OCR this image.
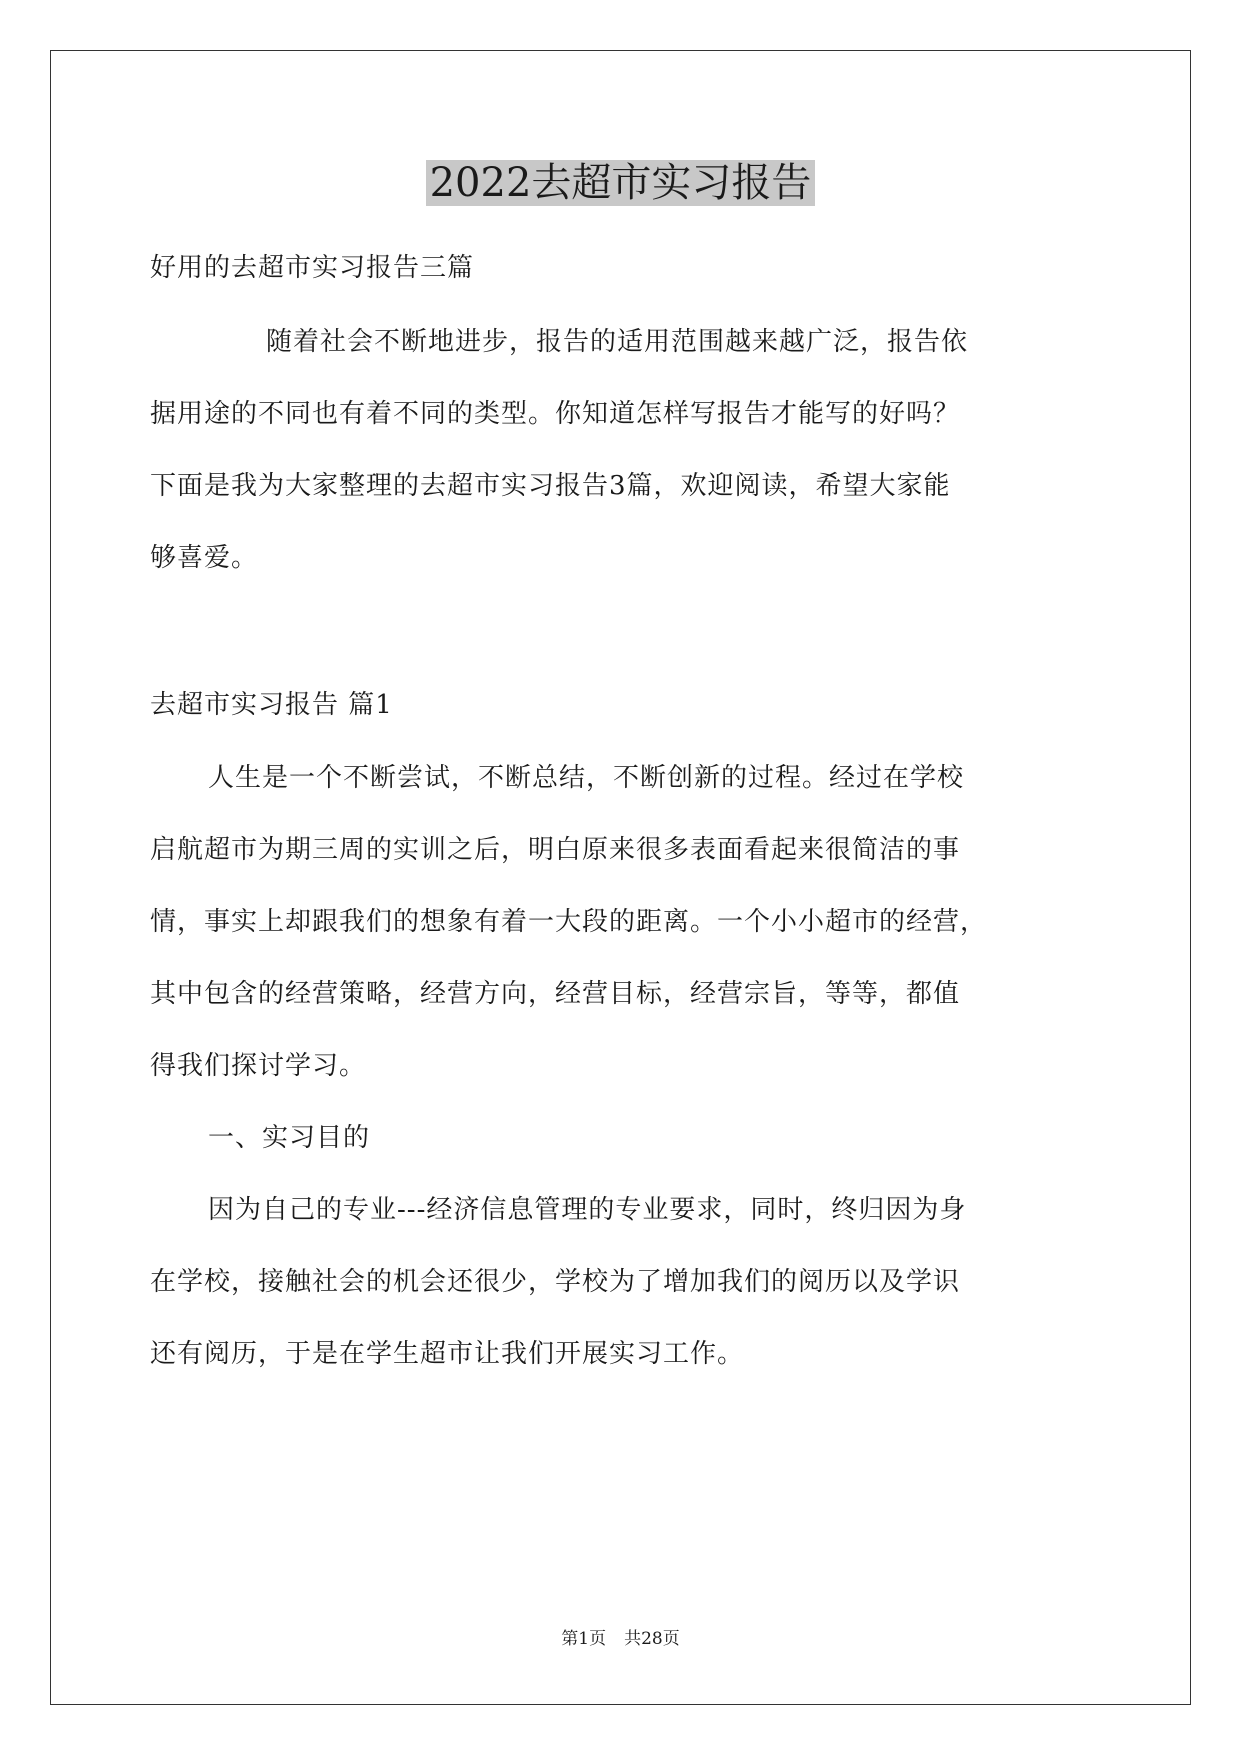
2022去超市实习报告
好用的去超市实习报告三篇
随着社会不断地进步，报告的适用范围越来越广泛，报告依
据用途的不同也有着不同的类型。你知道怎样写报告才能写的好吗？
下面是我为大家整理的去超市实习报告3篇，欢迎阅读，希望大家能
够喜爱。
去超市实习报告 篇1
人生是一个不断尝试，不断总结，不断创新的过程。经过在学校
启航超市为期三周的实训之后，明白原来很多表面看起来很简洁的事
情，事实上却跟我们的想象有着一大段的距离。一个小小超市的经营，
其中包含的经营策略，经营方向，经营目标，经营宗旨，等等，都值
得我们探讨学习。
一、实习目的
因为自己的专业---经济信息管理的专业要求，同时，终归因为身
在学校，接触社会的机会还很少，学校为了增加我们的阅历以及学识
还有阅历，于是在学生超市让我们开展实习工作。
第1页 共28页
